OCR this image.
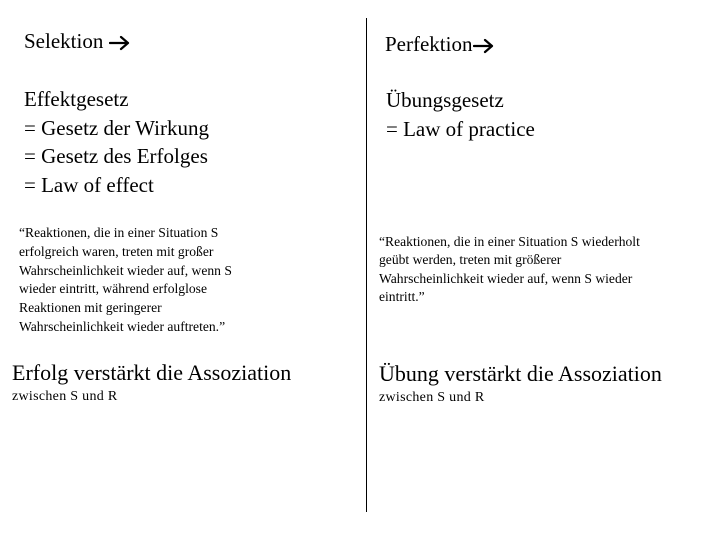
Selektion
Effektgesetz
= Gesetz der Wirkung
= Gesetz des Erfolges
= Law of effect
“Reaktionen, die in einer Situation S
erfolgreich waren, treten mit großer
Wahrscheinlichkeit wieder auf, wenn S
wieder eintritt, während erfolglose
Reaktionen mit geringerer
Wahrscheinlichkeit wieder auftreten.”
Erfolg verstärkt die Assoziation
zwischen S und R
Perfektion
Übungsgesetz
= Law of practice
“Reaktionen, die in einer Situation S wiederholt
geübt werden, treten mit größerer
Wahrscheinlichkeit wieder auf, wenn S wieder
eintritt.”
Übung verstärkt die Assoziation
zwischen S und R
